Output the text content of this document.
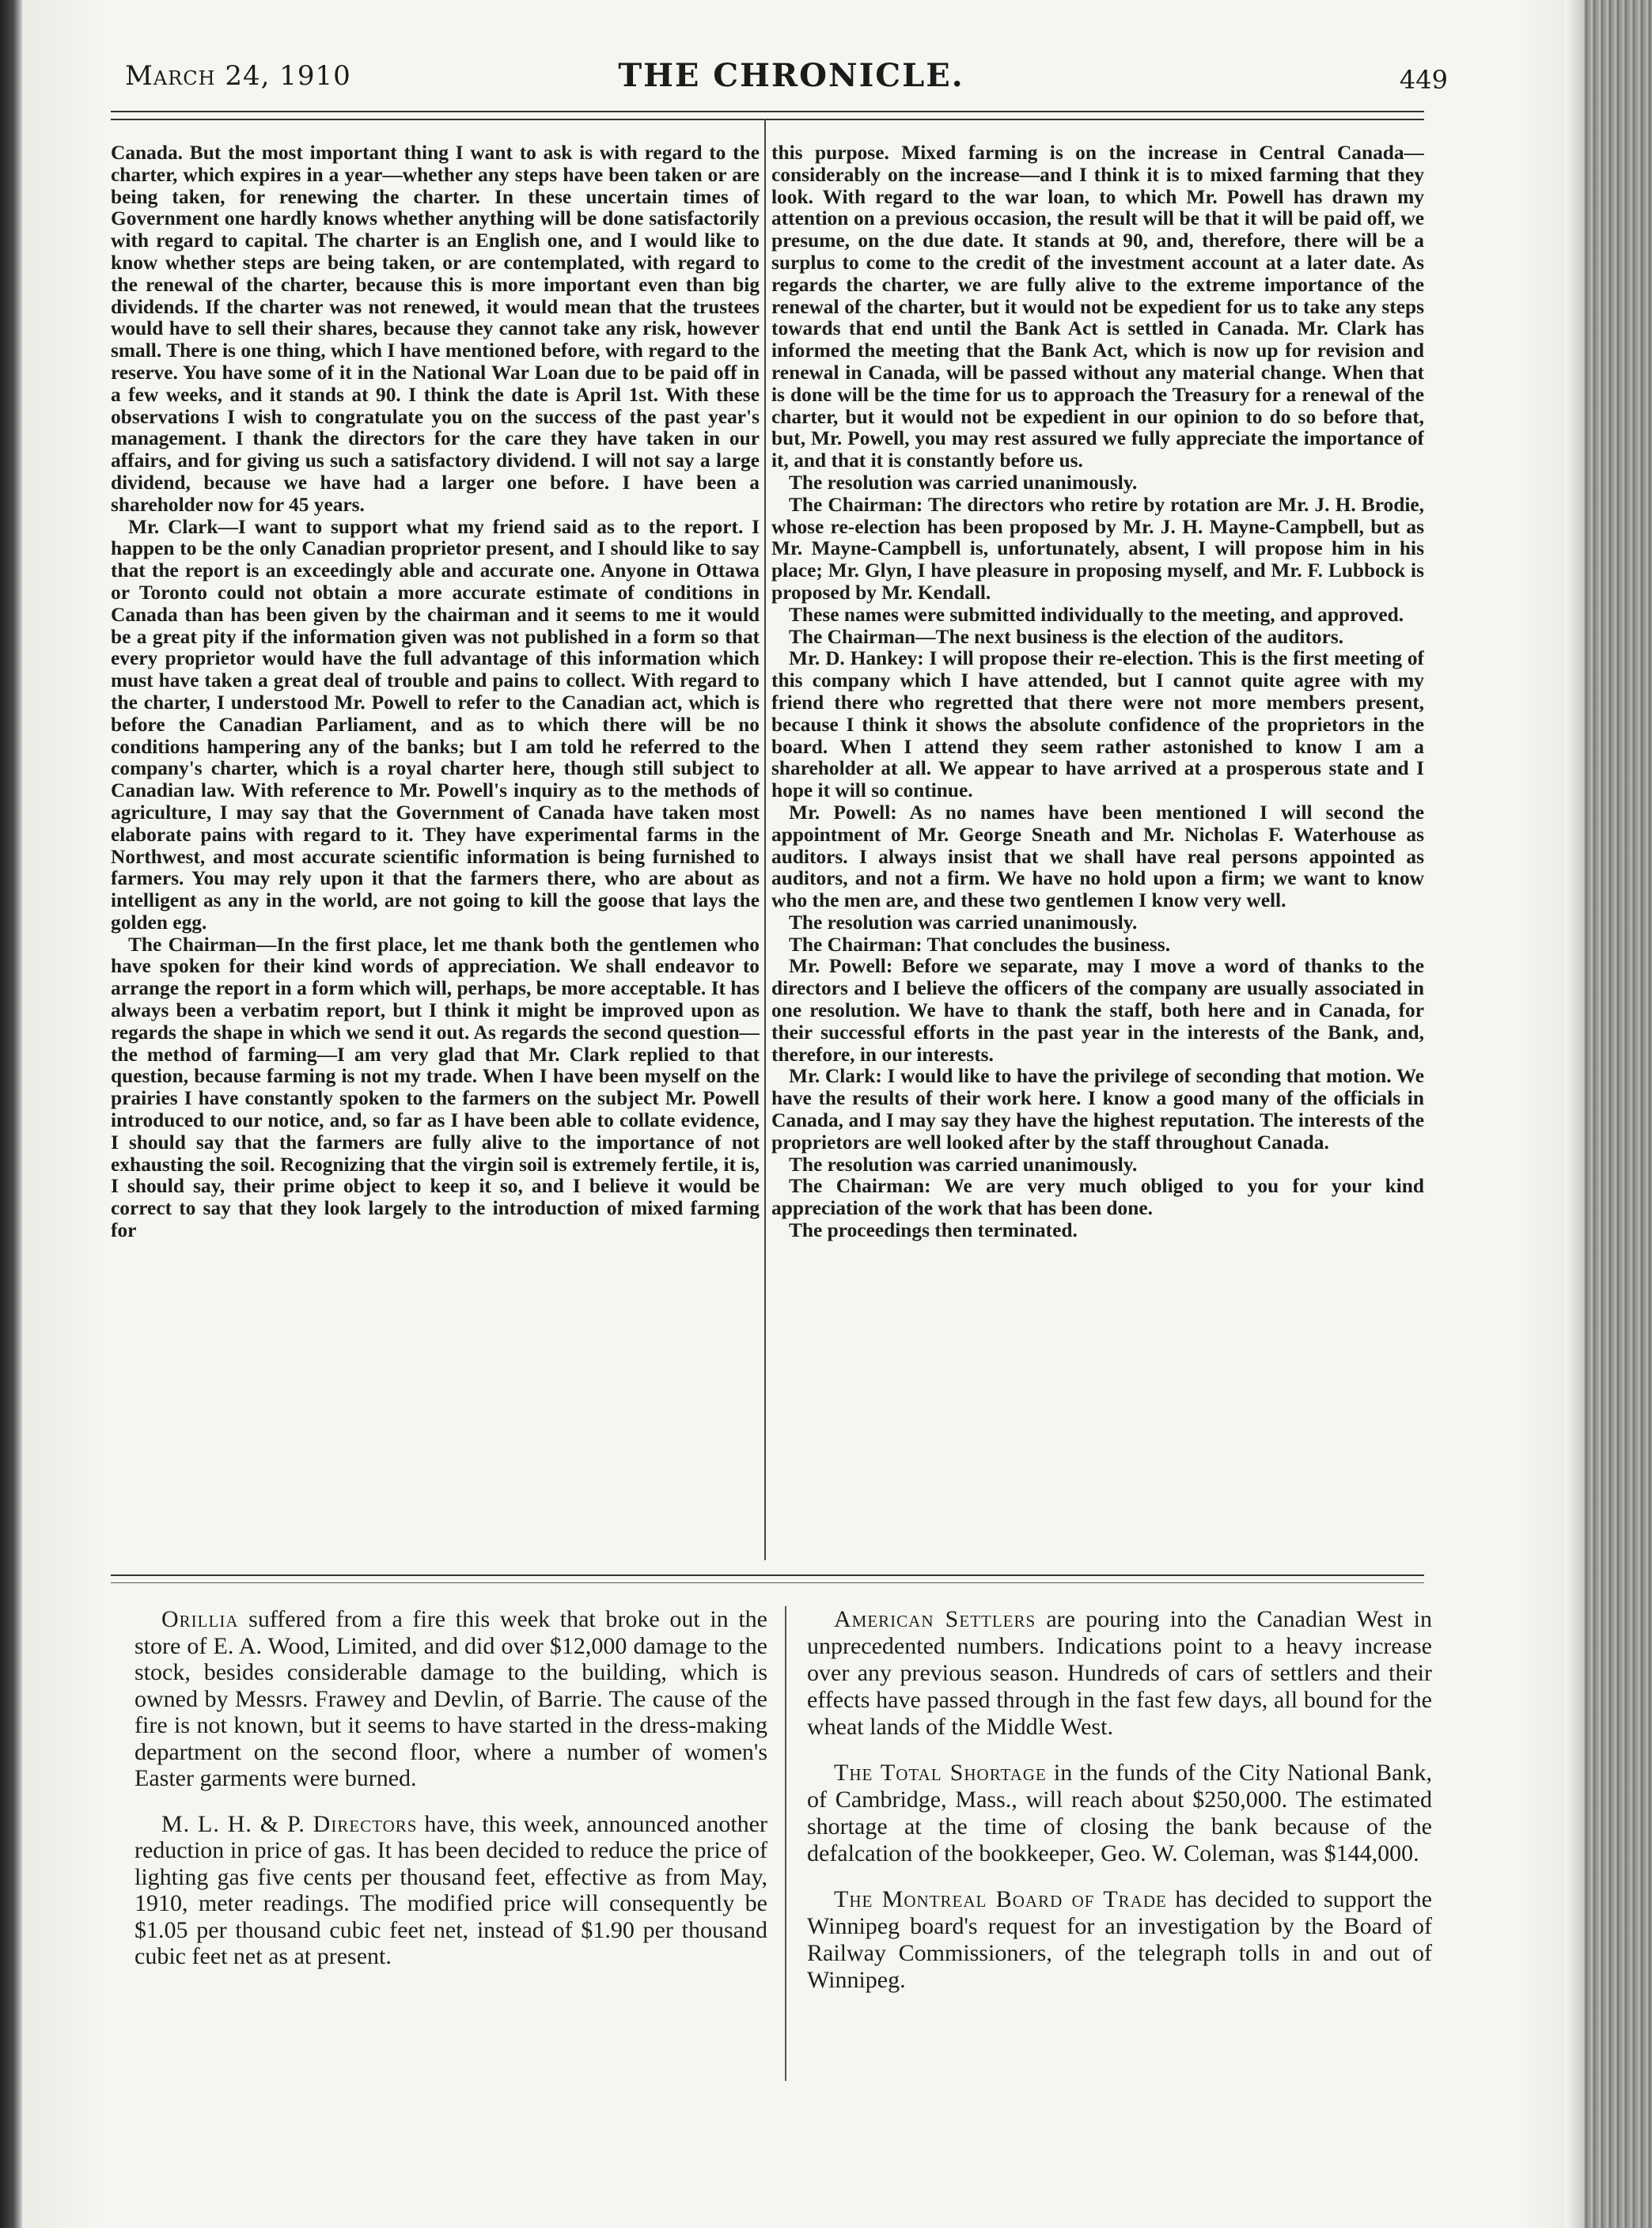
March 24, 1910	THE CHRONICLE.	449

Canada. But the most important thing I want to ask is with regard to the charter, which expires in a year—whether any steps have been taken or are being taken, for renewing the charter. In these uncertain times of Government one hardly knows whether anything will be done satisfactorily with regard to capital. The charter is an English one, and I would like to know whether steps are being taken, or are contemplated, with regard to the renewal of the charter, because this is more important even than big dividends. If the charter was not renewed, it would mean that the trustees would have to sell their shares, because they cannot take any risk, however small. There is one thing, which I have mentioned before, with regard to the reserve. You have some of it in the National War Loan due to be paid off in a few weeks, and it stands at 90. I think the date is April 1st. With these observations I wish to congratulate you on the success of the past year's management. I thank the directors for the care they have taken in our affairs, and for giving us such a satisfactory dividend. I will not say a large dividend, because we have had a larger one before. I have been a shareholder now for 45 years.

Mr. Clark—I want to support what my friend said as to the report. I happen to be the only Canadian proprietor present, and I should like to say that the report is an exceedingly able and accurate one. Anyone in Ottawa or Toronto could not obtain a more accurate estimate of conditions in Canada than has been given by the chairman and it seems to me it would be a great pity if the information given was not published in a form so that every proprietor would have the full advantage of this information which must have taken a great deal of trouble and pains to collect. With regard to the charter, I understood Mr. Powell to refer to the Canadian act, which is before the Canadian Parliament, and as to which there will be no conditions hampering any of the banks; but I am told he referred to the company's charter, which is a royal charter here, though still subject to Canadian law. With reference to Mr. Powell's inquiry as to the methods of agriculture, I may say that the Government of Canada have taken most elaborate pains with regard to it. They have experimental farms in the Northwest, and most accurate scientific information is being furnished to farmers. You may rely upon it that the farmers there, who are about as intelligent as any in the world, are not going to kill the goose that lays the golden egg.

The Chairman—In the first place, let me thank both the gentlemen who have spoken for their kind words of appreciation. We shall endeavor to arrange the report in a form which will, perhaps, be more acceptable. It has always been a verbatim report, but I think it might be improved upon as regards the shape in which we send it out. As regards the second question—the method of farming—I am very glad that Mr. Clark replied to that question, because farming is not my trade. When I have been myself on the prairies I have constantly spoken to the farmers on the subject Mr. Powell introduced to our notice, and, so far as I have been able to collate evidence, I should say that the farmers are fully alive to the importance of not exhausting the soil. Recognizing that the virgin soil is extremely fertile, it is, I should say, their prime object to keep it so, and I believe it would be correct to say that they look largely to the introduction of mixed farming for

this purpose. Mixed farming is on the increase in Central Canada—considerably on the increase—and I think it is to mixed farming that they look. With regard to the war loan, to which Mr. Powell has drawn my attention on a previous occasion, the result will be that it will be paid off, we presume, on the due date. It stands at 90, and, therefore, there will be a surplus to come to the credit of the investment account at a later date. As regards the charter, we are fully alive to the extreme importance of the renewal of the charter, but it would not be expedient for us to take any steps towards that end until the Bank Act is settled in Canada. Mr. Clark has informed the meeting that the Bank Act, which is now up for revision and renewal in Canada, will be passed without any material change. When that is done will be the time for us to approach the Treasury for a renewal of the charter, but it would not be expedient in our opinion to do so before that, but, Mr. Powell, you may rest assured we fully appreciate the importance of it, and that it is constantly before us.

The resolution was carried unanimously.

The Chairman: The directors who retire by rotation are Mr. J. H. Brodie, whose re-election has been proposed by Mr. J. H. Mayne-Campbell, but as Mr. Mayne-Campbell is, unfortunately, absent, I will propose him in his place; Mr. Glyn, I have pleasure in proposing myself, and Mr. F. Lubbock is proposed by Mr. Kendall.

These names were submitted individually to the meeting, and approved.

The Chairman—The next business is the election of the auditors.

Mr. D. Hankey: I will propose their re-election. This is the first meeting of this company which I have attended, but I cannot quite agree with my friend there who regretted that there were not more members present, because I think it shows the absolute confidence of the proprietors in the board. When I attend they seem rather astonished to know I am a shareholder at all. We appear to have arrived at a prosperous state and I hope it will so continue.

Mr. Powell: As no names have been mentioned I will second the appointment of Mr. George Sneath and Mr. Nicholas F. Waterhouse as auditors. I always insist that we shall have real persons appointed as auditors, and not a firm. We have no hold upon a firm; we want to know who the men are, and these two gentlemen I know very well.

The resolution was carried unanimously.

The Chairman: That concludes the business.

Mr. Powell: Before we separate, may I move a word of thanks to the directors and I believe the officers of the company are usually associated in one resolution. We have to thank the staff, both here and in Canada, for their successful efforts in the past year in the interests of the Bank, and, therefore, in our interests.

Mr. Clark: I would like to have the privilege of seconding that motion. We have the results of their work here. I know a good many of the officials in Canada, and I may say they have the highest reputation. The interests of the proprietors are well looked after by the staff throughout Canada.

The resolution was carried unanimously.

The Chairman: We are very much obliged to you for your kind appreciation of the work that has been done.

The proceedings then terminated.

Orillia suffered from a fire this week that broke out in the store of E. A. Wood, Limited, and did over $12,000 damage to the stock, besides considerable damage to the building, which is owned by Messrs. Frawey and Devlin, of Barrie. The cause of the fire is not known, but it seems to have started in the dress-making department on the second floor, where a number of women's Easter garments were burned.

M. L. H. & P. Directors have, this week, announced another reduction in price of gas. It has been decided to reduce the price of lighting gas five cents per thousand feet, effective as from May, 1910, meter readings. The modified price will consequently be $1.05 per thousand cubic feet net, instead of $1.90 per thousand cubic feet net as at present.

American Settlers are pouring into the Canadian West in unprecedented numbers. Indications point to a heavy increase over any previous season. Hundreds of cars of settlers and their effects have passed through in the fast few days, all bound for the wheat lands of the Middle West.

The Total Shortage in the funds of the City National Bank, of Cambridge, Mass., will reach about $250,000. The estimated shortage at the time of closing the bank because of the defalcation of the bookkeeper, Geo. W. Coleman, was $144,000.

The Montreal Board of Trade has decided to support the Winnipeg board's request for an investigation by the Board of Railway Commissioners, of the telegraph tolls in and out of Winnipeg.
